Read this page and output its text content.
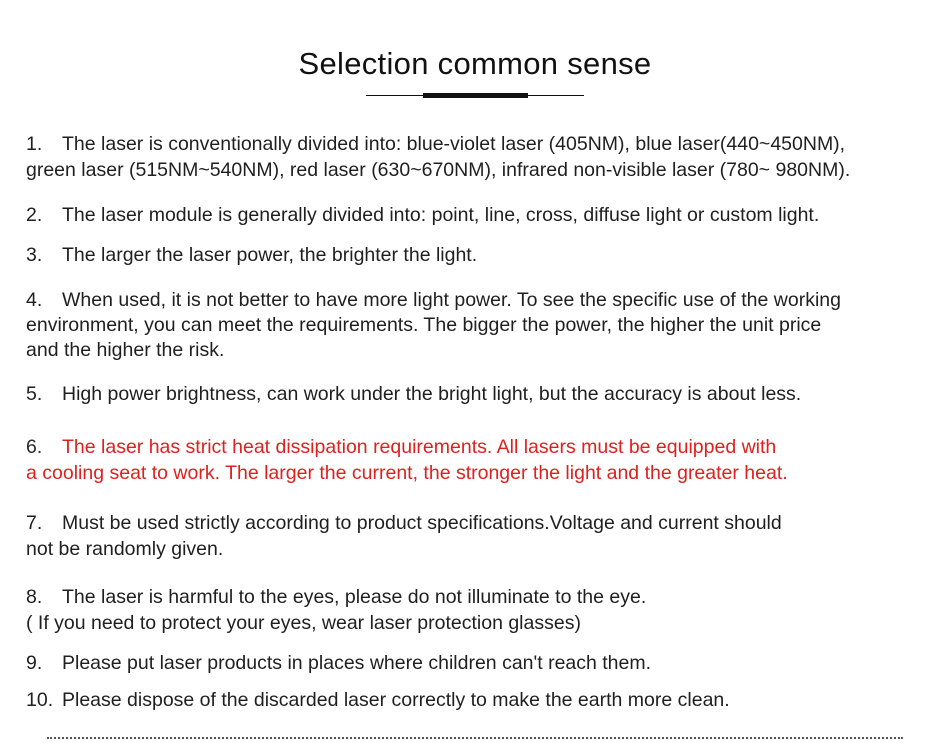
Selection common sense
1. The laser is conventionally divided into: blue-violet laser (405NM), blue laser(440~450NM),
green laser (515NM~540NM), red laser (630~670NM), infrared non-visible laser (780~ 980NM).
2. The laser module is generally divided into: point, line, cross, diffuse light or custom light.
3. The larger the laser power, the brighter the light.
4. When used, it is not better to have more light power. To see the specific use of the working
environment, you can meet the requirements. The bigger the power, the higher the unit price
and the higher the risk.
5. High power brightness, can work under the bright light, but the accuracy is about less.
6. The laser has strict heat dissipation requirements. All lasers must be equipped with
a cooling seat to work. The larger the current, the stronger the light and the greater heat.
7. Must be used strictly according to product specifications.Voltage and current should
not be randomly given.
8. The laser is harmful to the eyes, please do not illuminate to the eye.
( If you need to protect your eyes, wear laser protection glasses)
9. Please put laser products in places where children can't reach them.
10. Please dispose of the discarded laser correctly to make the earth more clean.
